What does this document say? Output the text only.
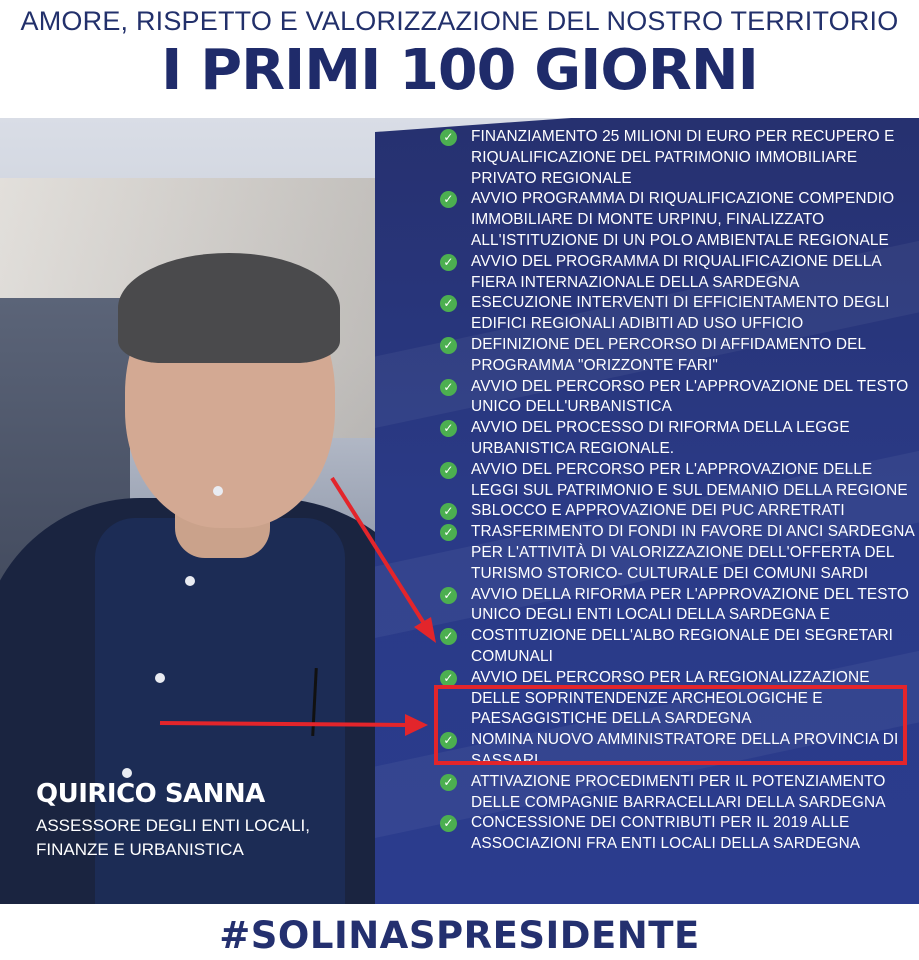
AMORE, RISPETTO E VALORIZZAZIONE DEL NOSTRO TERRITORIO
I PRIMI 100 GIORNI
✓ FINANZIAMENTO 25 MILIONI DI EURO PER RECUPERO E RIQUALIFICAZIONE DEL PATRIMONIO IMMOBILIARE PRIVATO REGIONALE
✓ AVVIO PROGRAMMA DI RIQUALIFICAZIONE COMPENDIO IMMOBILIARE DI MONTE URPINU, FINALIZZATO ALL'ISTITUZIONE DI UN POLO AMBIENTALE REGIONALE
✓ AVVIO DEL PROGRAMMA DI RIQUALIFICAZIONE DELLA FIERA INTERNAZIONALE DELLA SARDEGNA
✓ ESECUZIONE INTERVENTI DI EFFICIENTAMENTO DEGLI EDIFICI REGIONALI ADIBITI AD USO UFFICIO
✓ DEFINIZIONE DEL PERCORSO DI AFFIDAMENTO DEL PROGRAMMA "ORIZZONTE FARI"
✓ AVVIO DEL PERCORSO PER L'APPROVAZIONE DEL TESTO UNICO DELL'URBANISTICA
✓ AVVIO DEL PROCESSO DI RIFORMA DELLA LEGGE URBANISTICA REGIONALE.
✓ AVVIO DEL PERCORSO PER L'APPROVAZIONE DELLE LEGGI SUL PATRIMONIO E SUL DEMANIO DELLA REGIONE
✓ SBLOCCO E APPROVAZIONE DEI PUC ARRETRATI
✓ TRASFERIMENTO DI FONDI IN FAVORE DI ANCI SARDEGNA PER L'ATTIVITÀ DI VALORIZZAZIONE DELL'OFFERTA DEL TURISMO STORICO- CULTURALE DEI COMUNI SARDI
✓ AVVIO DELLA RIFORMA PER L'APPROVAZIONE DEL TESTO UNICO DEGLI ENTI LOCALI DELLA SARDEGNA E
✓ COSTITUZIONE DELL'ALBO REGIONALE DEI SEGRETARI COMUNALI
✓ AVVIO DEL PERCORSO PER LA REGIONALIZZAZIONE DELLE SOPRINTENDENZE ARCHEOLOGICHE E PAESAGGISTICHE DELLA SARDEGNA
✓ NOMINA NUOVO AMMINISTRATORE DELLA PROVINCIA DI SASSARI
✓ ATTIVAZIONE PROCEDIMENTI PER IL POTENZIAMENTO DELLE COMPAGNIE BARRACELLARI DELLA SARDEGNA
✓ CONCESSIONE DEI CONTRIBUTI PER IL 2019 ALLE ASSOCIAZIONI FRA ENTI LOCALI DELLA SARDEGNA
QUIRICO SANNA
ASSESSORE DEGLI ENTI LOCALI,
FINANZE E URBANISTICA
#SOLINASPRESIDENTE
